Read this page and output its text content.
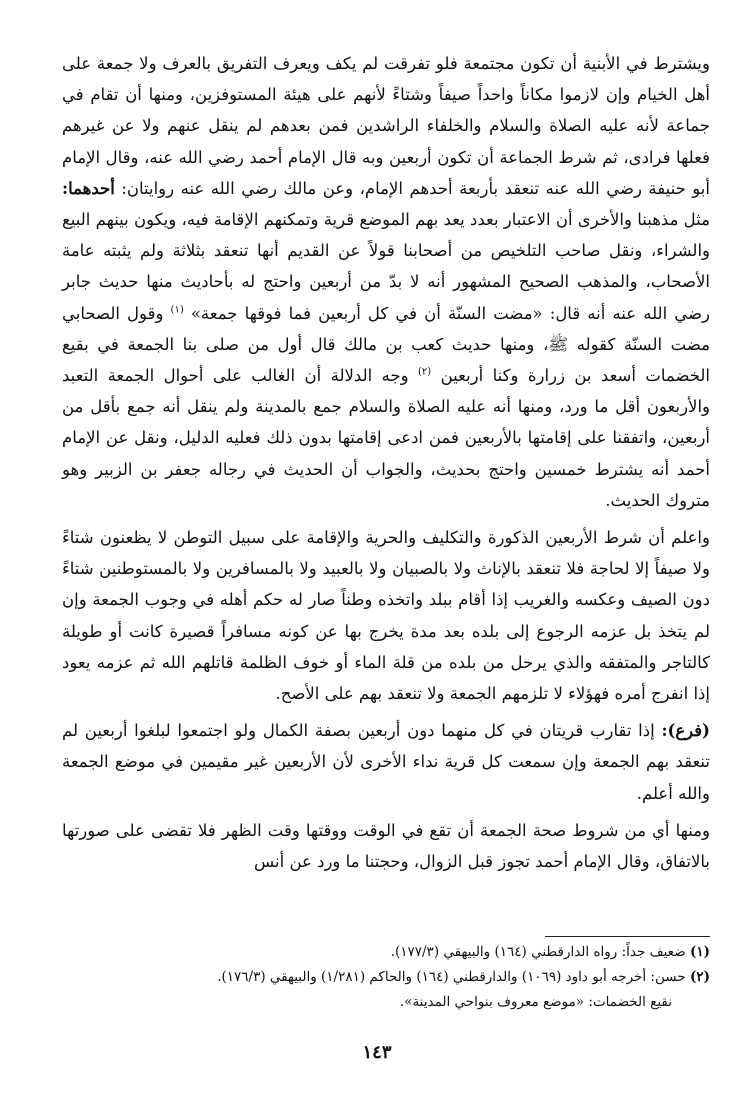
ويشترط في الأبنية أن تكون مجتمعة فلو تفرقت لم يكف ويعرف التفريق بالعرف ولا جمعة على أهل الخيام وإن لازموا مكاناً واحداً صيفاً وشتاءً لأنهم على هيئة المستوفزين، ومنها أن تقام في جماعة لأنه عليه الصلاة والسلام والخلفاء الراشدين فمن بعدهم لم ينقل عنهم ولا عن غيرهم فعلها فرادى، ثم شرط الجماعة أن تكون أربعين وبه قال الإمام أحمد رضي الله عنه، وقال الإمام أبو حنيفة رضي الله عنه تنعقد بأربعة أحدهم الإمام، وعن مالك رضي الله عنه روايتان: أحدهما: مثل مذهبنا والأخرى أن الاعتبار بعدد يعد بهم الموضع قرية وتمكنهم الإقامة فيه، ويكون بينهم البيع والشراء، ونقل صاحب التلخيص من أصحابنا قولاً عن القديم أنها تنعقد بثلاثة ولم يثبته عامة الأصحاب، والمذهب الصحيح المشهور أنه لا بدّ من أربعين واحتج له بأحاديث منها حديث جابر رضي الله عنه أنه قال: «مضت السنّة أن في كل أربعين فما فوقها جمعة» $^{(١)}$ وقول الصحابي مضت السنّة كقوله ﷺ، ومنها حديث كعب بن مالك قال أول من صلى بنا الجمعة في بقيع الخضمات أسعد بن زرارة وكنا أربعين $^{(٢)}$ وجه الدلالة أن الغالب على أحوال الجمعة التعبد والأربعون أقل ما ورد، ومنها أنه عليه الصلاة والسلام جمع بالمدينة ولم ينقل أنه جمع بأقل من أربعين، واتفقنا على إقامتها بالأربعين فمن ادعى إقامتها بدون ذلك فعليه الدليل، ونقل عن الإمام أحمد أنه يشترط خمسين واحتج بحديث، والجواب أن الحديث في رجاله جعفر بن الزبير وهو متروك الحديث.

واعلم أن شرط الأربعين الذكورة والتكليف والحرية والإقامة على سبيل التوطن لا يظعنون شتاءً ولا صيفاً إلا لحاجة فلا تنعقد بالإناث ولا بالصبيان ولا بالعبيد ولا بالمسافرين ولا بالمستوطنين شتاءً دون الصيف وعكسه والغريب إذا أقام ببلد واتخذه وطناً صار له حكم أهله في وجوب الجمعة وإن لم يتخذ بل عزمه الرجوع إلى بلده بعد مدة يخرج بها عن كونه مسافراً قصيرة كانت أو طويلة كالتاجر والمتفقه والذي يرحل من بلده من قلة الماء أو خوف الظلمة قاتلهم الله ثم عزمه يعود إذا انفرج أمره فهؤلاء لا تلزمهم الجمعة ولا تنعقد بهم على الأصح.

(فرع): إذا تقارب قريتان في كل منهما دون أربعين بصفة الكمال ولو اجتمعوا لبلغوا أربعين لم تنعقد بهم الجمعة وإن سمعت كل قرية نداء الأخرى لأن الأربعين غير مقيمين في موضع الجمعة والله أعلم.

ومنها أي من شروط صحة الجمعة أن تقع في الوقت ووقتها وقت الظهر فلا تقضى على صورتها بالاتفاق، وقال الإمام أحمد تجوز قبل الزوال، وحجتنا ما ورد عن أنس

(١) ضعيف جداً: رواه الدارقطني (١٦٤) والبيهقي (١٧٧/٣).

(٢) حسن: أخرجه أبو داود (١٠٦٩) والدارقطني (١٦٤) والحاكم (١/٢٨١) والبيهقي (١٧٦/٣).

نقيع الخضمات: «موضع معروف بنواحي المدينة».

١٤٣
